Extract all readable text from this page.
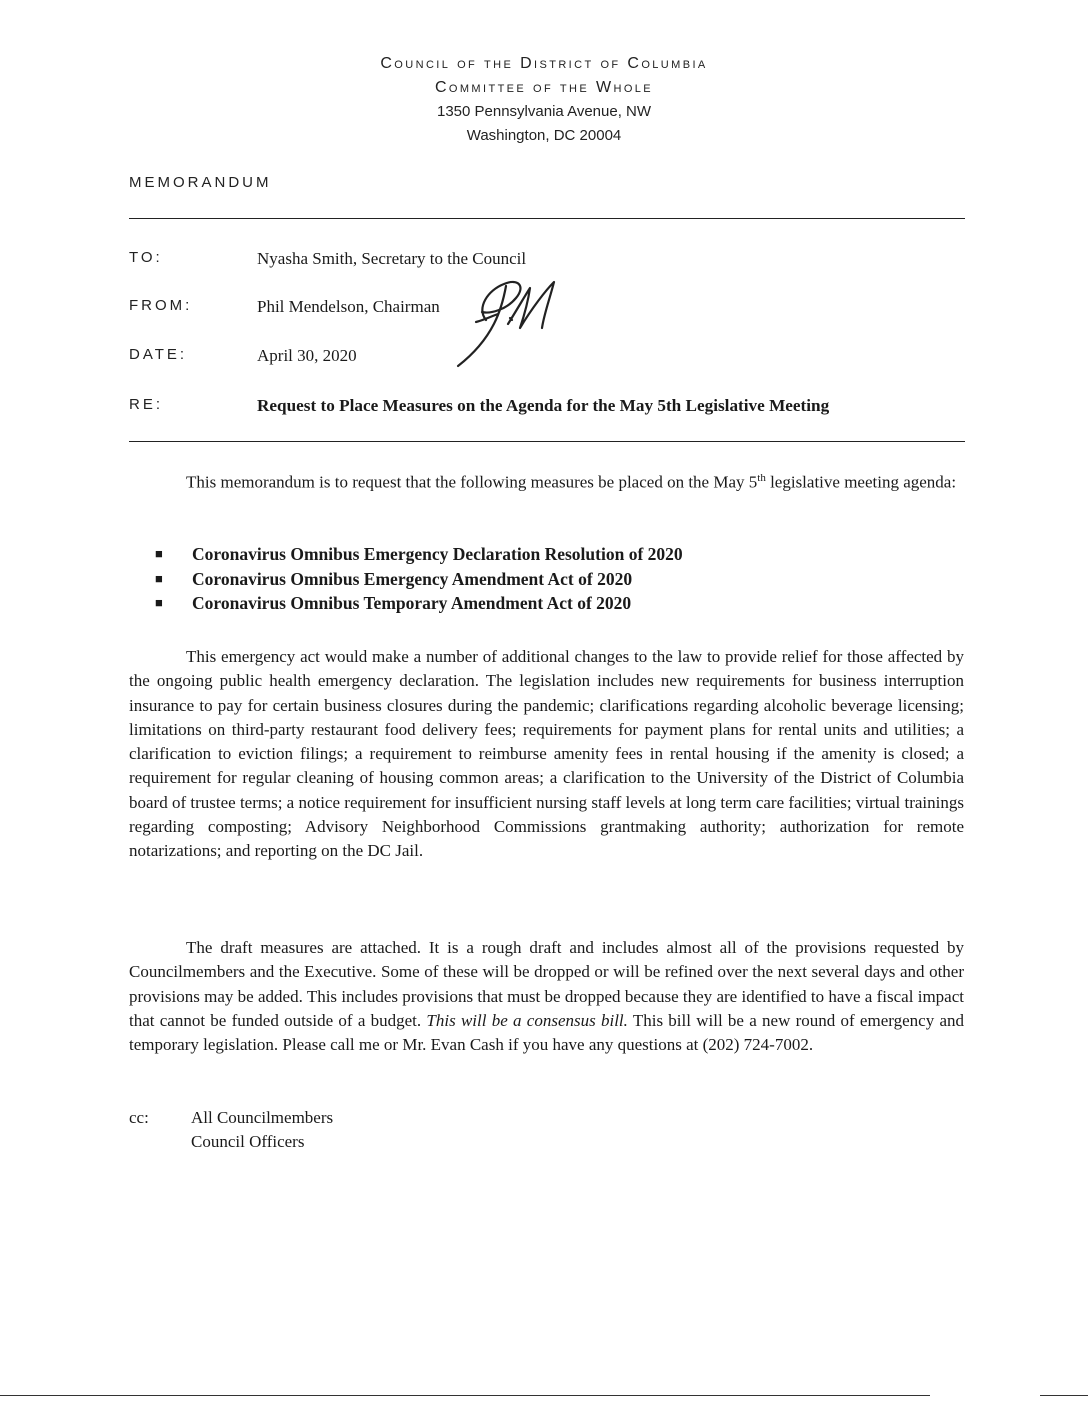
Council of the District of Columbia
Committee of the Whole
1350 Pennsylvania Avenue, NW
Washington, DC 20004
MEMORANDUM
TO:	Nyasha Smith, Secretary to the Council
FROM:	Phil Mendelson, Chairman
DATE:	April 30, 2020
RE:	Request to Place Measures on the Agenda for the May 5th Legislative Meeting
This memorandum is to request that the following measures be placed on the May 5th legislative meeting agenda:
■ Coronavirus Omnibus Emergency Declaration Resolution of 2020
■ Coronavirus Omnibus Emergency Amendment Act of 2020
■ Coronavirus Omnibus Temporary Amendment Act of 2020
This emergency act would make a number of additional changes to the law to provide relief for those affected by the ongoing public health emergency declaration. The legislation includes new requirements for business interruption insurance to pay for certain business closures during the pandemic; clarifications regarding alcoholic beverage licensing; limitations on third-party restaurant food delivery fees; requirements for payment plans for rental units and utilities; a clarification to eviction filings; a requirement to reimburse amenity fees in rental housing if the amenity is closed; a requirement for regular cleaning of housing common areas; a clarification to the University of the District of Columbia board of trustee terms; a notice requirement for insufficient nursing staff levels at long term care facilities; virtual trainings regarding composting; Advisory Neighborhood Commissions grantmaking authority; authorization for remote notarizations; and reporting on the DC Jail.
The draft measures are attached. It is a rough draft and includes almost all of the provisions requested by Councilmembers and the Executive. Some of these will be dropped or will be refined over the next several days and other provisions may be added. This includes provisions that must be dropped because they are identified to have a fiscal impact that cannot be funded outside of a budget. This will be a consensus bill. This bill will be a new round of emergency and temporary legislation. Please call me or Mr. Evan Cash if you have any questions at (202) 724-7002.
cc: All Councilmembers
Council Officers
